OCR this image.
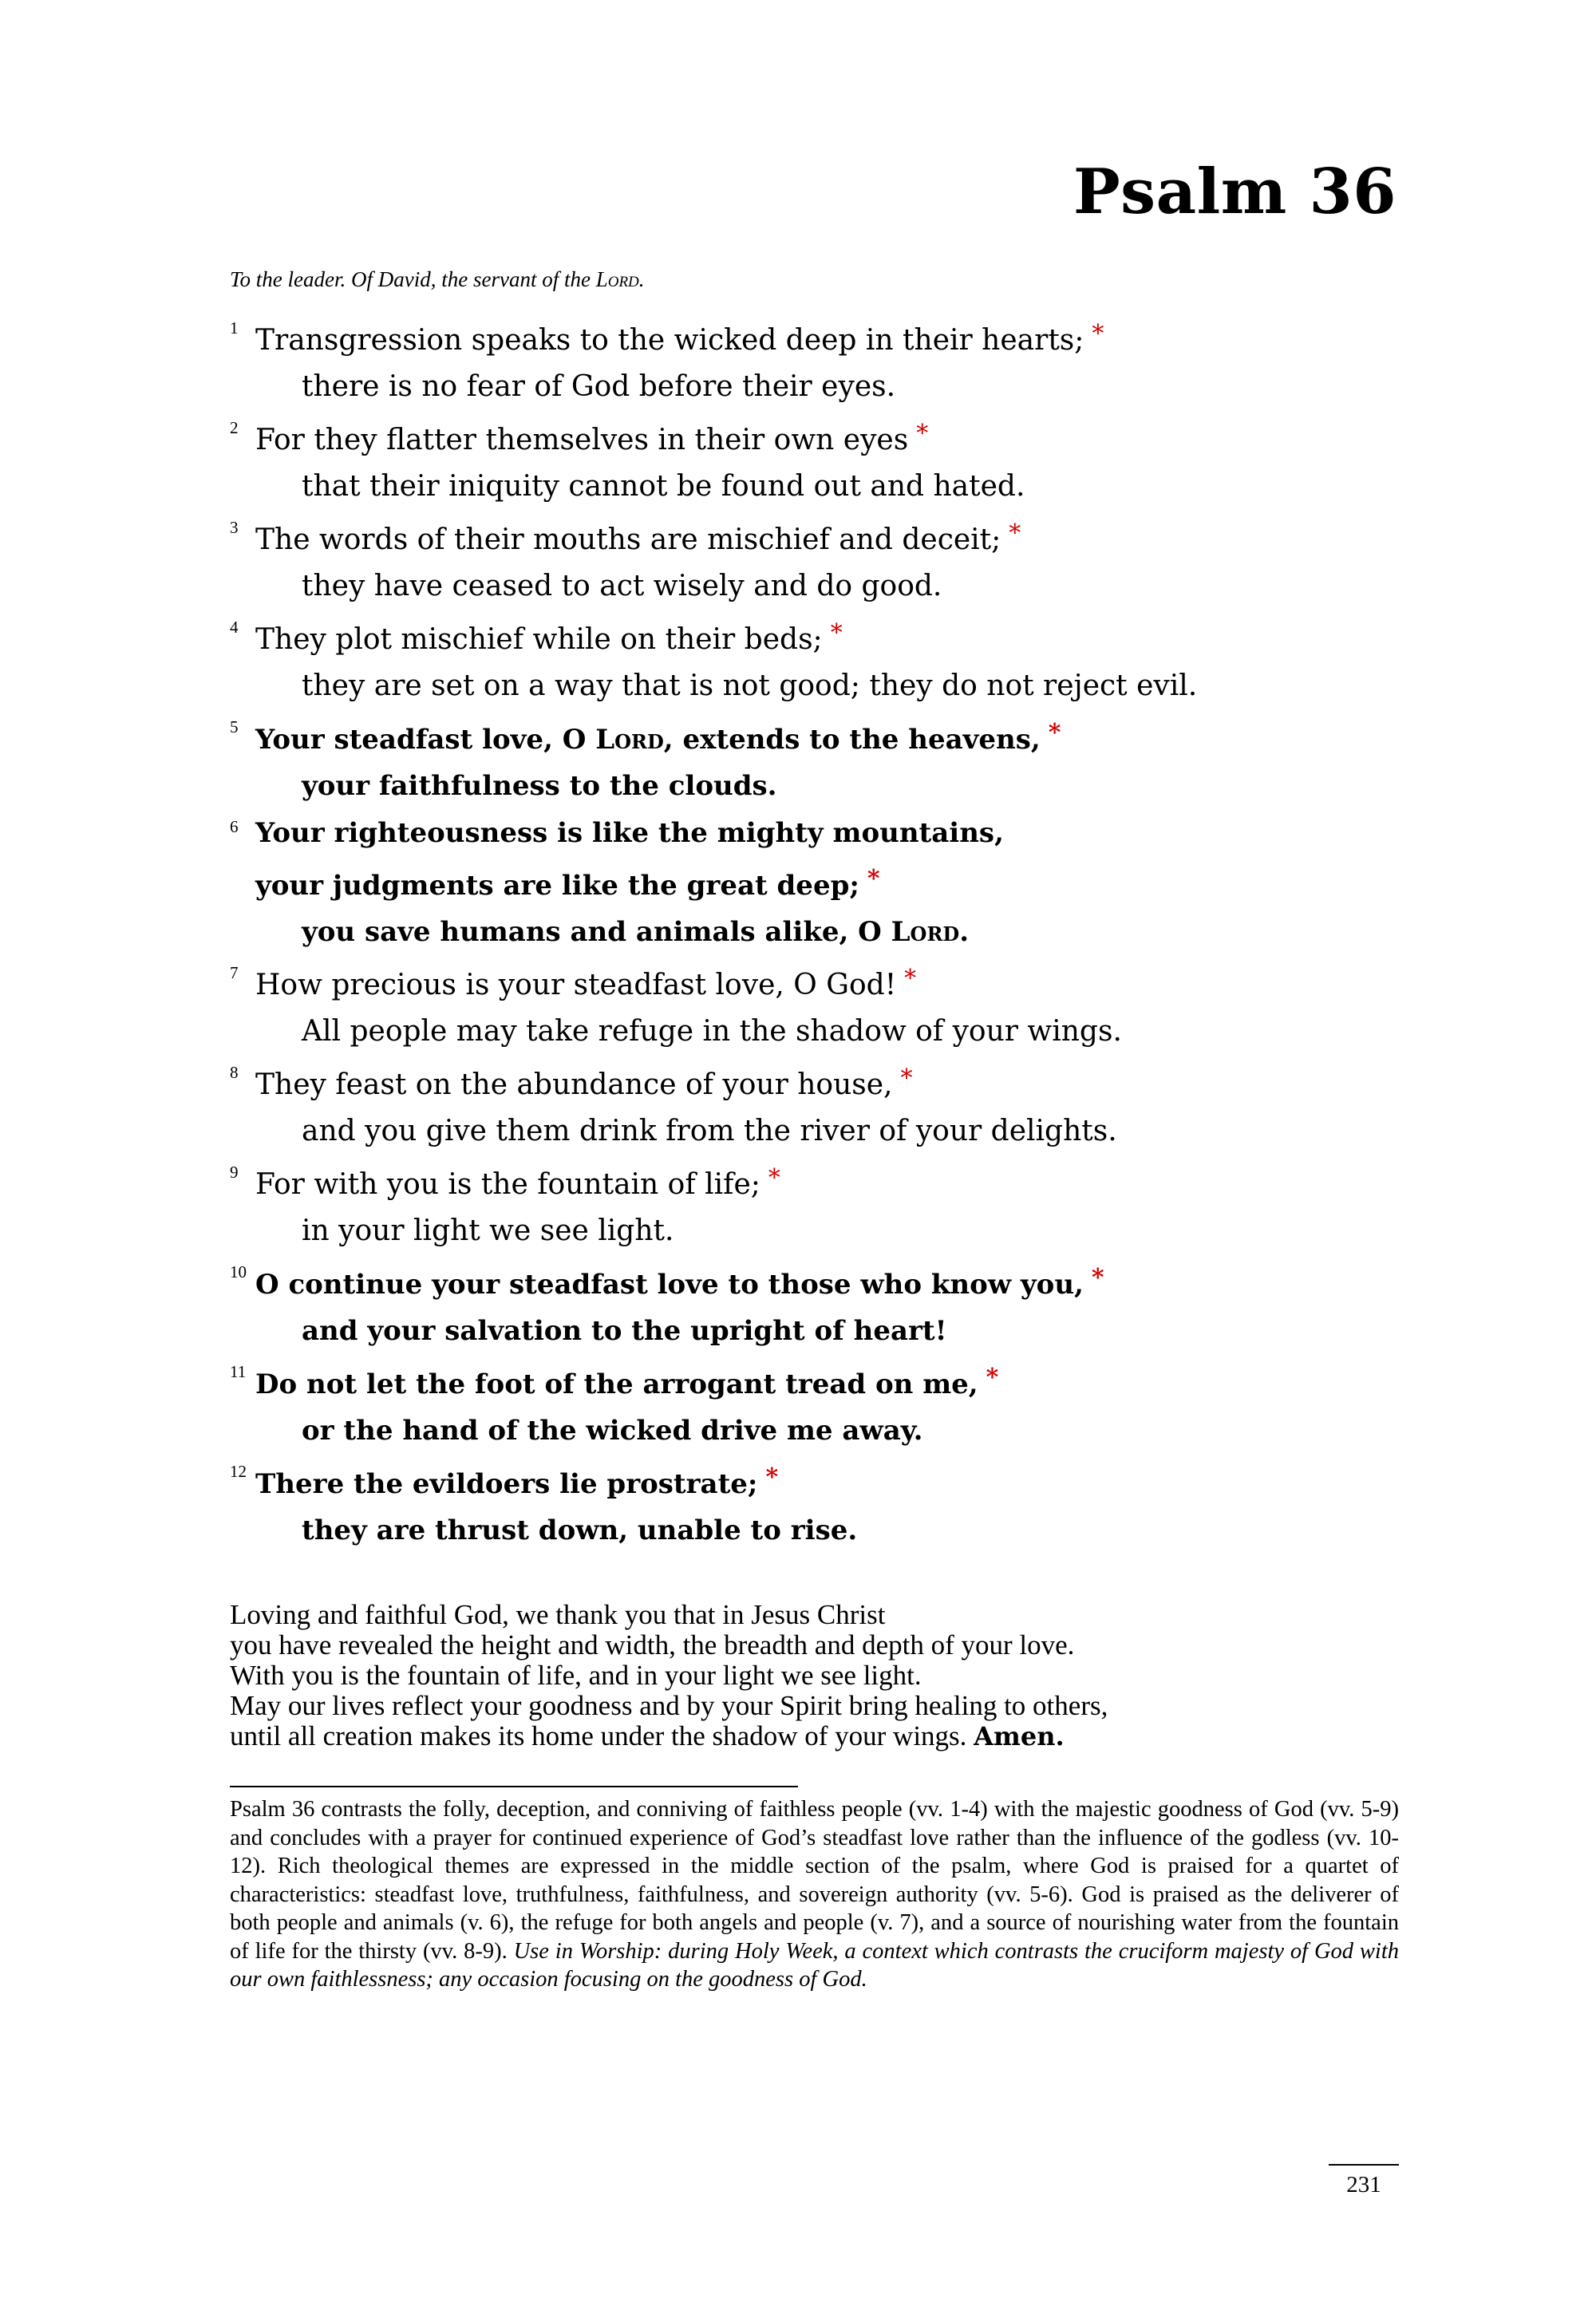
Psalm 36
To the leader. Of David, the servant of the Lord.
1 Transgression speaks to the wicked deep in their hearts; *
there is no fear of God before their eyes.
2 For they flatter themselves in their own eyes *
that their iniquity cannot be found out and hated.
3 The words of their mouths are mischief and deceit; *
they have ceased to act wisely and do good.
4 They plot mischief while on their beds; *
they are set on a way that is not good; they do not reject evil.
5 Your steadfast love, O Lord, extends to the heavens, *
your faithfulness to the clouds.
6 Your righteousness is like the mighty mountains,
your judgments are like the great deep; *
you save humans and animals alike, O Lord.
7 How precious is your steadfast love, O God! *
All people may take refuge in the shadow of your wings.
8 They feast on the abundance of your house, *
and you give them drink from the river of your delights.
9 For with you is the fountain of life; *
in your light we see light.
10 O continue your steadfast love to those who know you, *
and your salvation to the upright of heart!
11 Do not let the foot of the arrogant tread on me, *
or the hand of the wicked drive me away.
12 There the evildoers lie prostrate; *
they are thrust down, unable to rise.
Loving and faithful God, we thank you that in Jesus Christ
you have revealed the height and width, the breadth and depth of your love.
With you is the fountain of life, and in your light we see light.
May our lives reflect your goodness and by your Spirit bring healing to others,
until all creation makes its home under the shadow of your wings. Amen.
Psalm 36 contrasts the folly, deception, and conniving of faithless people (vv. 1-4) with the majestic goodness of God (vv. 5-9) and concludes with a prayer for continued experience of God’s steadfast love rather than the influence of the godless (vv. 10-12). Rich theological themes are expressed in the middle section of the psalm, where God is praised for a quartet of characteristics: steadfast love, truthfulness, faithfulness, and sovereign authority (vv. 5-6). God is praised as the deliverer of both people and animals (v. 6), the refuge for both angels and people (v. 7), and a source of nourishing water from the fountain of life for the thirsty (vv. 8-9). Use in Worship: during Holy Week, a context which contrasts the cruciform majesty of God with our own faithlessness; any occasion focusing on the goodness of God.
231
